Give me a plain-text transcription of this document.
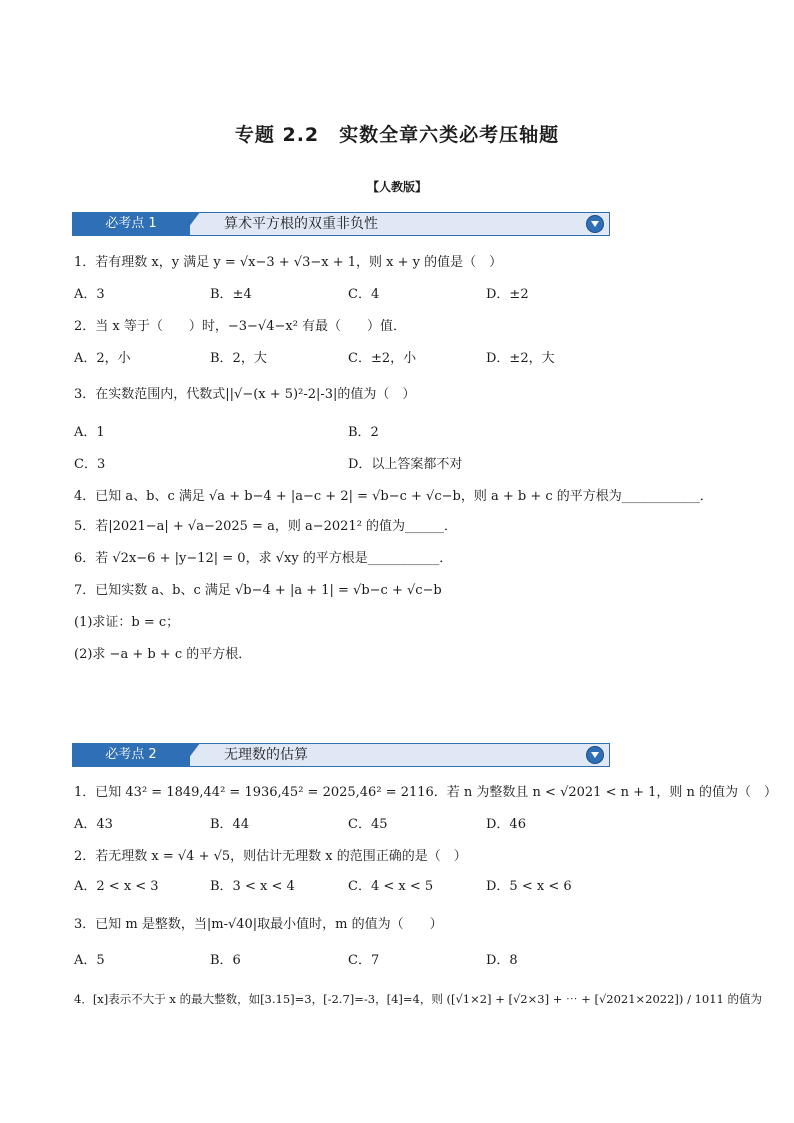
专题 2.2　实数全章六类必考压轴题
【人教版】
必考点 1	算术平方根的双重非负性
1．若有理数 x，y 满足 y = √x−3 + √3−x + 1，则 x + y 的值是（　）
A．3	B．±4	C．4	D．±2
2．当 x 等于（　　）时，−3−√4−x² 有最（　　）值．
A．2，小	B．2，大	C．±2，小	D．±2，大
3．在实数范围内，代数式||√−(x + 5)²-2|-3|的值为（　）
A．1	B．2
C．3	D．以上答案都不对
4．已知 a、b、c 满足 √a + b−4 + |a−c + 2| = √b−c + √c−b，则 a + b + c 的平方根为____________．
5．若|2021−a| + √a−2025 = a，则 a−2021² 的值为______．
6．若 √2x−6 + |y−12| = 0，求 √xy 的平方根是___________．
7．已知实数 a、b、c 满足 √b−4 + |a + 1| = √b−c + √c−b
(1)求证：b = c；
(2)求 −a + b + c 的平方根．
必考点 2	无理数的估算
1．已知 43² = 1849,44² = 1936,45² = 2025,46² = 2116．若 n 为整数且 n < √2021 < n + 1，则 n 的值为（　）
A．43	B．44	C．45	D．46
2．若无理数 x = √4 + √5，则估计无理数 x 的范围正确的是（　）
A．2 < x < 3	B．3 < x < 4	C．4 < x < 5	D．5 < x < 6
3．已知 m 是整数，当|m-√40|取最小值时，m 的值为（　　）
A．5	B．6	C．7	D．8
4．[x]表示不大于 x 的最大整数，如[3.15]=3，[-2.7]=-3，[4]=4，则 ([√1×2] + [√2×3] + ⋯ + [√2021×2022]) / 1011 的值为
